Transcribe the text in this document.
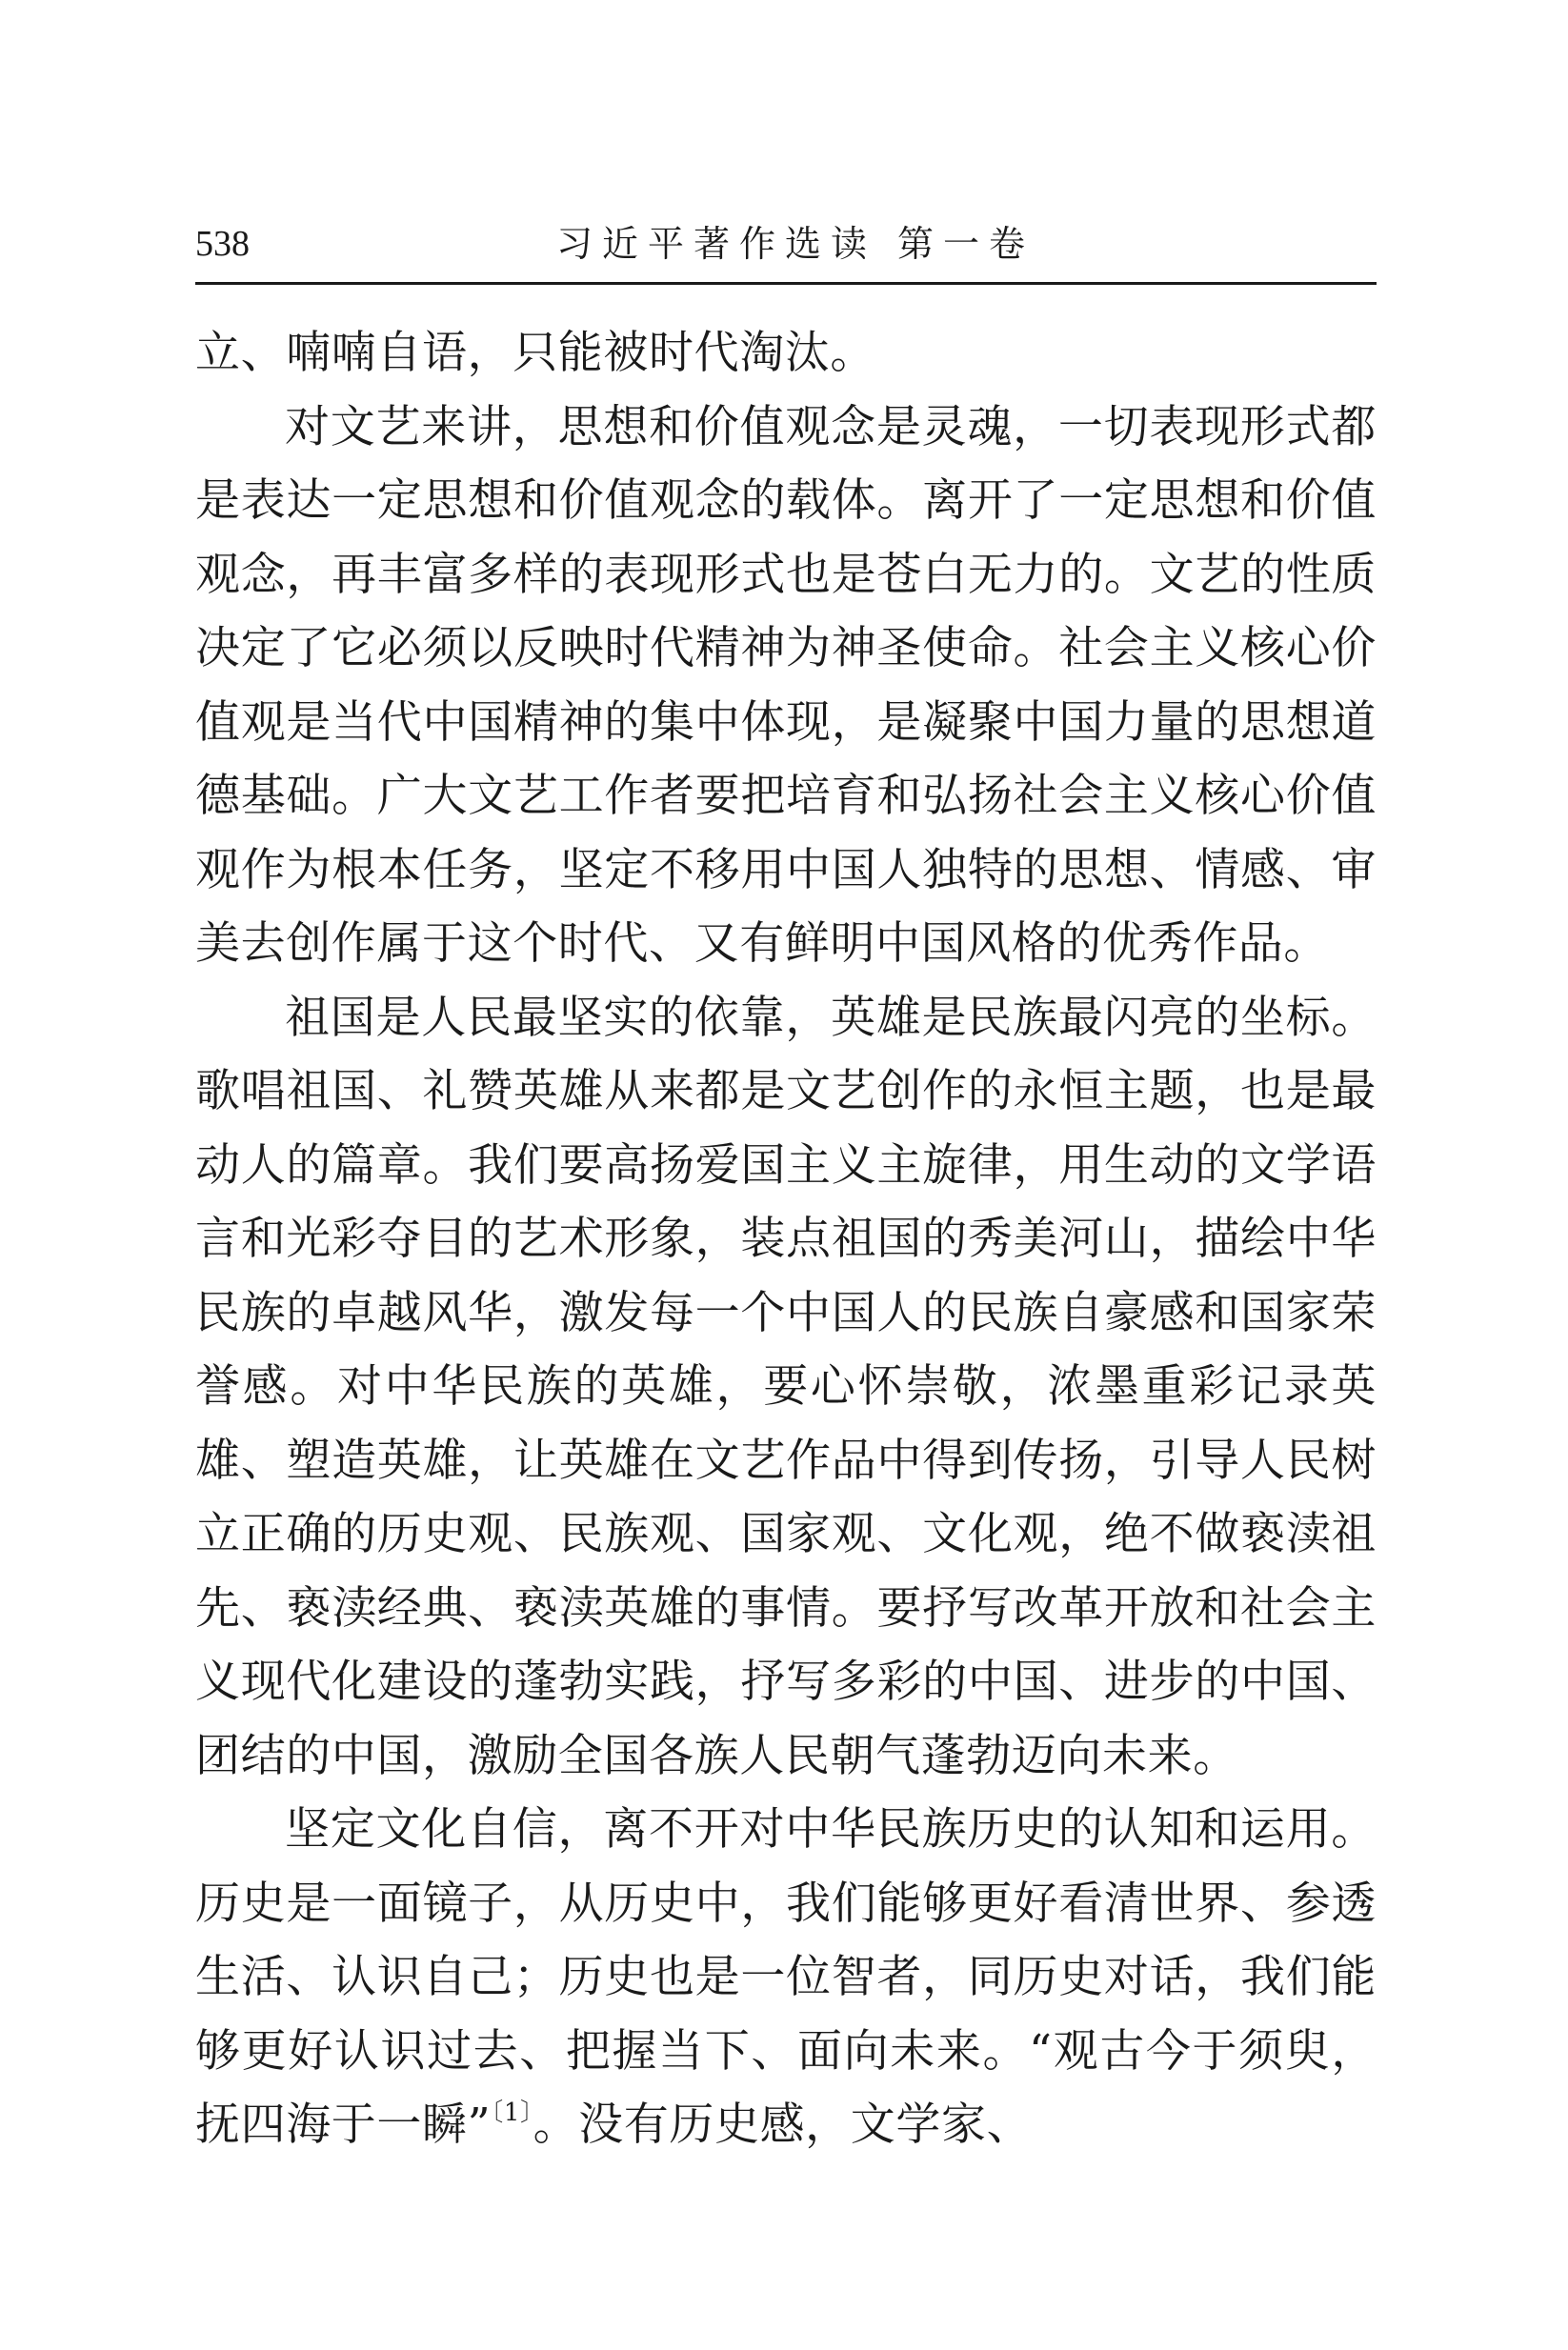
538	习近平著作选读 第一卷

立、喃喃自语，只能被时代淘汰。

对文艺来讲，思想和价值观念是灵魂，一切表现形式都是表达一定思想和价值观念的载体。离开了一定思想和价值观念，再丰富多样的表现形式也是苍白无力的。文艺的性质决定了它必须以反映时代精神为神圣使命。社会主义核心价值观是当代中国精神的集中体现，是凝聚中国力量的思想道德基础。广大文艺工作者要把培育和弘扬社会主义核心价值观作为根本任务，坚定不移用中国人独特的思想、情感、审美去创作属于这个时代、又有鲜明中国风格的优秀作品。

祖国是人民最坚实的依靠，英雄是民族最闪亮的坐标。歌唱祖国、礼赞英雄从来都是文艺创作的永恒主题，也是最动人的篇章。我们要高扬爱国主义主旋律，用生动的文学语言和光彩夺目的艺术形象，装点祖国的秀美河山，描绘中华民族的卓越风华，激发每一个中国人的民族自豪感和国家荣誉感。对中华民族的英雄，要心怀崇敬，浓墨重彩记录英雄、塑造英雄，让英雄在文艺作品中得到传扬，引导人民树立正确的历史观、民族观、国家观、文化观，绝不做亵渎祖先、亵渎经典、亵渎英雄的事情。要抒写改革开放和社会主义现代化建设的蓬勃实践，抒写多彩的中国、进步的中国、团结的中国，激励全国各族人民朝气蓬勃迈向未来。

坚定文化自信，离不开对中华民族历史的认知和运用。历史是一面镜子，从历史中，我们能够更好看清世界、参透生活、认识自己；历史也是一位智者，同历史对话，我们能够更好认识过去、把握当下、面向未来。“观古今于须臾，抚四海于一瞬”$^{〔1〕}$。没有历史感，文学家、
